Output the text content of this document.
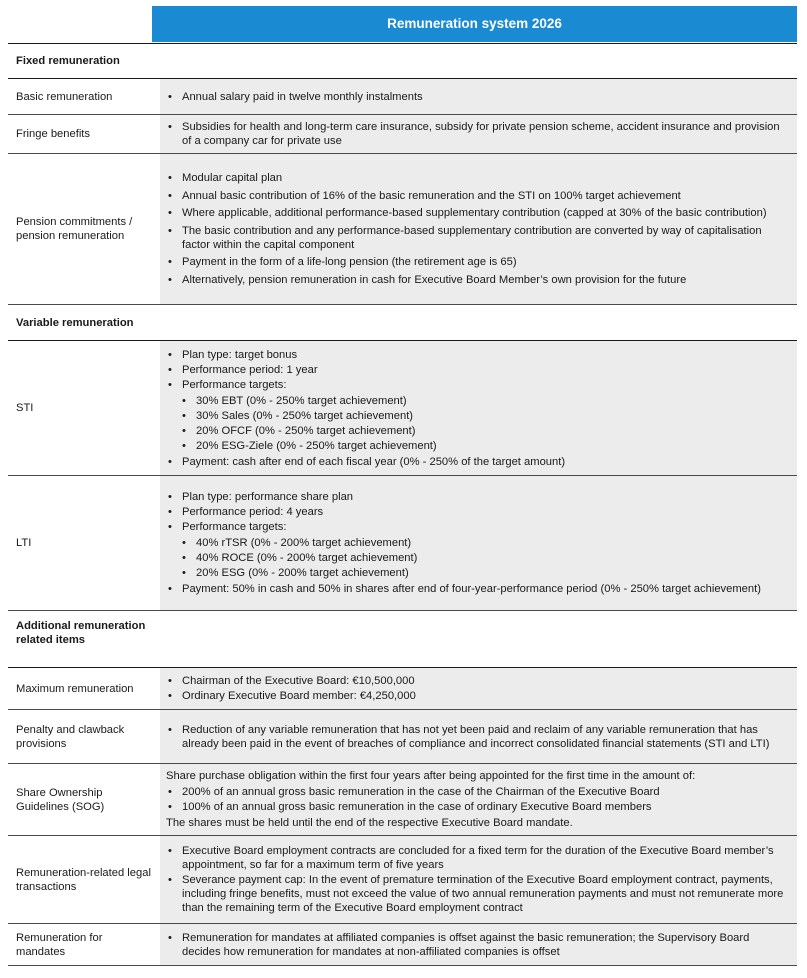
Remuneration system 2026
Fixed remuneration
Basic remuneration
•	Annual salary paid in twelve monthly instalments
Fringe benefits
• Subsidies for health and long-term care insurance, subsidy for private pension scheme, accident insurance and provision of a company car for private use
Pension commitments / pension remuneration
• Modular capital plan
• Annual basic contribution of 16% of the basic remuneration and the STI on 100% target achievement
• Where applicable, additional performance-based supplementary contribution (capped at 30% of the basic contribution)
• The basic contribution and any performance-based supplementary contribution are converted by way of capitalisation factor within the capital component
• Payment in the form of a life-long pension (the retirement age is 65)
• Alternatively, pension remuneration in cash for Executive Board Member’s own provision for the future
Variable remuneration
STI
• Plan type: target bonus
• Performance period: 1 year
• Performance targets:
• 30% EBT (0% - 250% target achievement)
• 30% Sales (0% - 250% target achievement)
• 20% OFCF (0% - 250% target achievement)
• 20% ESG-Ziele (0% - 250% target achievement)
• Payment: cash after end of each fiscal year (0% - 250% of the target amount)
LTI
• Plan type: performance share plan
• Performance period: 4 years
• Performance targets:
• 40% rTSR (0% - 200% target achievement)
• 40% ROCE (0% - 200% target achievement)
• 20% ESG (0% - 200% target achievement)
• Payment: 50% in cash and 50% in shares after end of four-year-performance period (0% - 250% target achievement)
Additional remuneration related items
Maximum remuneration
• Chairman of the Executive Board: €10,500,000
• Ordinary Executive Board member: €4,250,000
Penalty and clawback provisions
• Reduction of any variable remuneration that has not yet been paid and reclaim of any variable remuneration that has already been paid in the event of breaches of compliance and incorrect consolidated financial statements (STI and LTI)
Share Ownership Guidelines (SOG)
Share purchase obligation within the first four years after being appointed for the first time in the amount of:
• 200% of an annual gross basic remuneration in the case of the Chairman of the Executive Board
• 100% of an annual gross basic remuneration in the case of ordinary Executive Board members
The shares must be held until the end of the respective Executive Board mandate.
Remuneration-related legal transactions
• Executive Board employment contracts are concluded for a fixed term for the duration of the Executive Board member’s appointment, so far for a maximum term of five years
• Severance payment cap: In the event of premature termination of the Executive Board employment contract, payments, including fringe benefits, must not exceed the value of two annual remuneration payments and must not remunerate more than the remaining term of the Executive Board employment contract
Remuneration for mandates
• Remuneration for mandates at affiliated companies is offset against the basic remuneration; the Supervisory Board decides how remuneration for mandates at non-affiliated companies is offset
